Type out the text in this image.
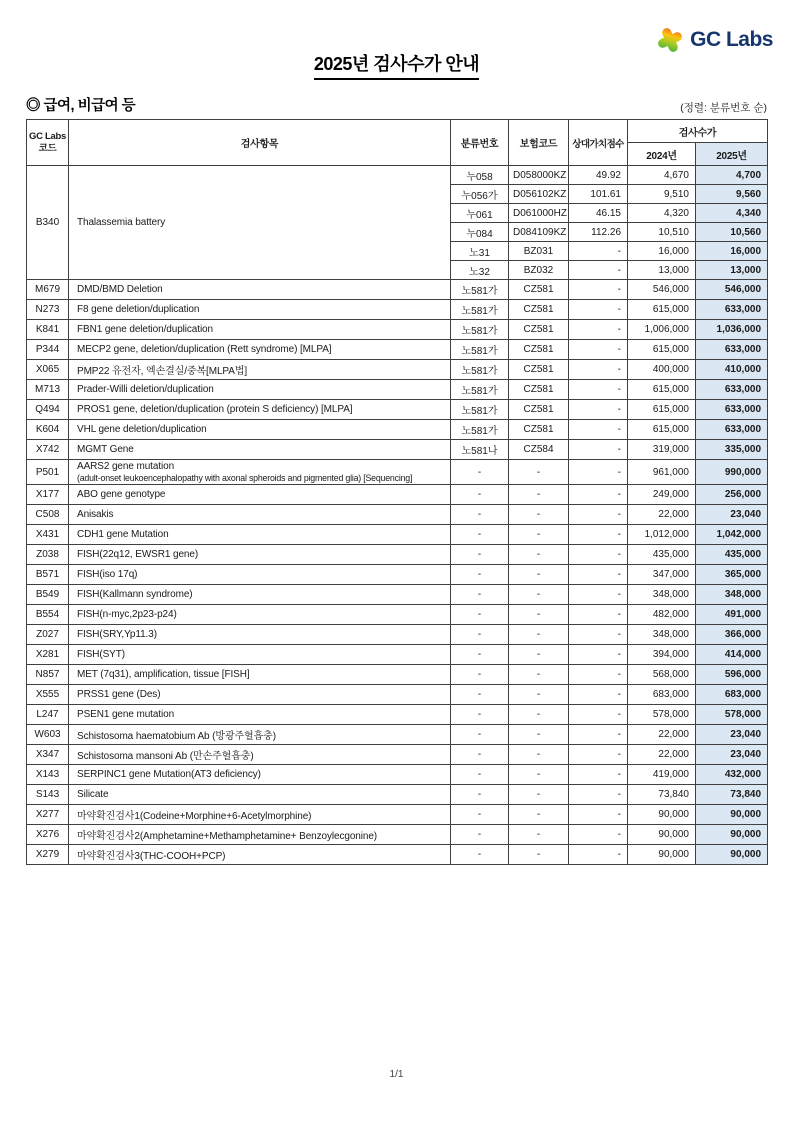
GC Labs
2025년 검사수가 안내
◎ 급여, 비급여 등	(정렬: 분류번호 순)
GC Labs
코드	검사항목	분류번호	보험코드	상대가치점수	검사수가	
					2024년	2025년
B340	Thalassemia battery	누058	D058000KZ	49.92	4,670	4,700
		누056가	D056102KZ	101.61	9,510	9,560
		누061	D061000HZ	46.15	4,320	4,340
		누084	D084109KZ	112.26	10,510	10,560
		노31	BZ031	-	16,000	16,000
		노32	BZ032	-	13,000	13,000
M679	DMD/BMD Deletion	노581가	CZ581	-	546,000	546,000
N273	F8 gene deletion/duplication	노581가	CZ581	-	615,000	633,000
K841	FBN1 gene deletion/duplication	노581가	CZ581	-	1,006,000	1,036,000
P344	MECP2 gene, deletion/duplication (Rett syndrome) [MLPA]	노581가	CZ581	-	615,000	633,000
X065	PMP22 유전자, 엑손결실/중복[MLPA법]	노581가	CZ581	-	400,000	410,000
M713	Prader-Willi deletion/duplication	노581가	CZ581	-	615,000	633,000
Q494	PROS1 gene, deletion/duplication (protein S deficiency) [MLPA]	노581가	CZ581	-	615,000	633,000
K604	VHL gene deletion/duplication	노581가	CZ581	-	615,000	633,000
X742	MGMT Gene	노581나	CZ584	-	319,000	335,000
P501	AARS2 gene mutation
(adult-onset leukoencephalopathy with axonal spheroids and pigmented glia) [Sequencing]	-	-	-	961,000	990,000
X177	ABO gene genotype	-	-	-	249,000	256,000
C508	Anisakis	-	-	-	22,000	23,040
X431	CDH1 gene Mutation	-	-	-	1,012,000	1,042,000
Z038	FISH(22q12, EWSR1 gene)	-	-	-	435,000	435,000
B571	FISH(iso 17q)	-	-	-	347,000	365,000
B549	FISH(Kallmann syndrome)	-	-	-	348,000	348,000
B554	FISH(n-myc,2p23-p24)	-	-	-	482,000	491,000
Z027	FISH(SRY,Yp11.3)	-	-	-	348,000	366,000
X281	FISH(SYT)	-	-	-	394,000	414,000
N857	MET (7q31), amplification, tissue [FISH]	-	-	-	568,000	596,000
X555	PRSS1 gene (Des)	-	-	-	683,000	683,000
L247	PSEN1 gene mutation	-	-	-	578,000	578,000
W603	Schistosoma haematobium Ab (방광주혈흡충)	-	-	-	22,000	23,040
X347	Schistosoma mansoni Ab (만손주혈흡충)	-	-	-	22,000	23,040
X143	SERPINC1 gene Mutation(AT3 deficiency)	-	-	-	419,000	432,000
S143	Silicate	-	-	-	73,840	73,840
X277	마약확진검사1(Codeine+Morphine+6-Acetylmorphine)	-	-	-	90,000	90,000
X276	마약확진검사2(Amphetamine+Methamphetamine+ Benzoylecgonine)	-	-	-	90,000	90,000
X279	마약확진검사3(THC-COOH+PCP)	-	-	-	90,000	90,000
1/1
